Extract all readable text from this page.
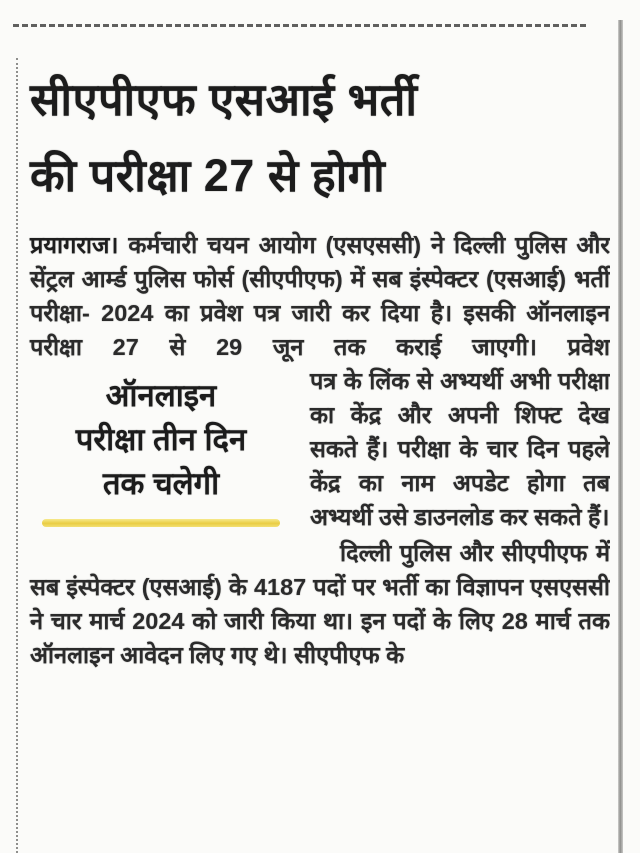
सीएपीएफ एसआई भर्ती
की परीक्षा 27 से होगी

प्रयागराज। कर्मचारी चयन आयोग (एसएससी) ने दिल्ली पुलिस और सेंट्रल आर्म्ड पुलिस फोर्स (सीएपीएफ) में सब इंस्पेक्टर (एसआई) भर्ती परीक्षा- 2024 का प्रवेश पत्र जारी कर दिया है। इसकी ऑनलाइन परीक्षा 27 से 29 जून तक कराई जाएगी। प्रवेश

ऑनलाइन
परीक्षा तीन दिन
तक चलेगी

पत्र के लिंक से अभ्यर्थी अभी परीक्षा का केंद्र और अपनी शिफ्ट देख सकते हैं। परीक्षा के चार दिन पहले केंद्र का नाम अपडेट होगा तब अभ्यर्थी उसे डाउनलोड कर सकते हैं।

दिल्ली पुलिस और सीएपीएफ में सब इंस्पेक्टर (एसआई) के 4187 पदों पर भर्ती का विज्ञापन एसएससी ने चार मार्च 2024 को जारी किया था। इन पदों के लिए 28 मार्च तक ऑनलाइन आवेदन लिए गए थे। सीएपीएफ के
